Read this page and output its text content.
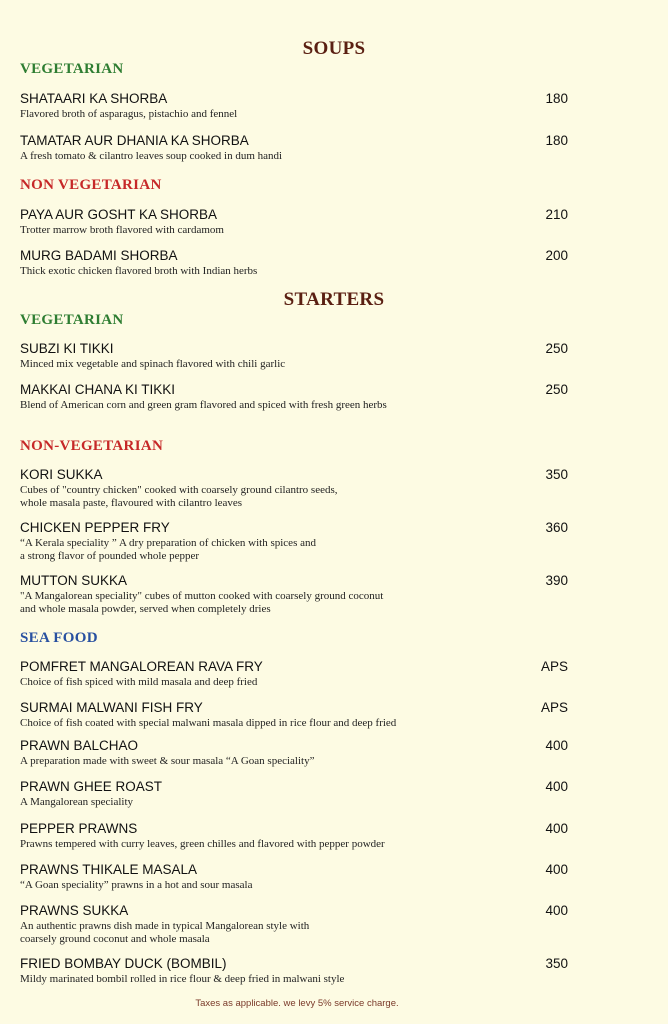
SOUPS
VEGETARIAN
SHATAARI KA SHORBA
Flavored broth of asparagus, pistachio and fennel
180
TAMATAR AUR DHANIA KA SHORBA
A fresh tomato & cilantro leaves soup cooked in dum handi
180
NON VEGETARIAN
PAYA AUR GOSHT KA SHORBA
Trotter marrow broth flavored with cardamom
210
MURG BADAMI SHORBA
Thick exotic chicken flavored broth with Indian herbs
200
STARTERS
VEGETARIAN
SUBZI KI TIKKI
Minced mix vegetable and spinach flavored with chili garlic
250
MAKKAI CHANA KI TIKKI
Blend of American corn and green gram flavored and spiced with fresh green herbs
250
NON-VEGETARIAN
KORI SUKKA
Cubes of "country chicken" cooked with coarsely ground cilantro seeds,
whole masala paste, flavoured with cilantro leaves
350
CHICKEN PEPPER FRY
“A Kerala speciality ” A dry preparation of chicken with spices and
a strong flavor of pounded whole pepper
360
MUTTON SUKKA
"A Mangalorean speciality" cubes of mutton cooked with coarsely ground coconut
and whole masala powder, served when completely dries
390
SEA FOOD
POMFRET MANGALOREAN RAVA FRY
Choice of fish spiced with mild masala and deep fried
APS
SURMAI MALWANI FISH FRY
Choice of fish coated with special malwani masala dipped in rice flour and deep fried
APS
PRAWN BALCHAO
A preparation made with sweet & sour masala “A Goan speciality”
400
PRAWN GHEE ROAST
A Mangalorean speciality
400
PEPPER PRAWNS
Prawns tempered with curry leaves, green chilles and flavored with pepper powder
400
PRAWNS THIKALE MASALA
“A Goan speciality” prawns in a hot and sour masala
400
PRAWNS SUKKA
An authentic prawns dish made in typical Mangalorean style with
coarsely ground coconut and whole masala
400
FRIED BOMBAY DUCK (BOMBIL)
Mildy marinated bombil rolled in rice flour & deep fried in malwani style
350
Taxes as applicable. we levy 5% service charge.
